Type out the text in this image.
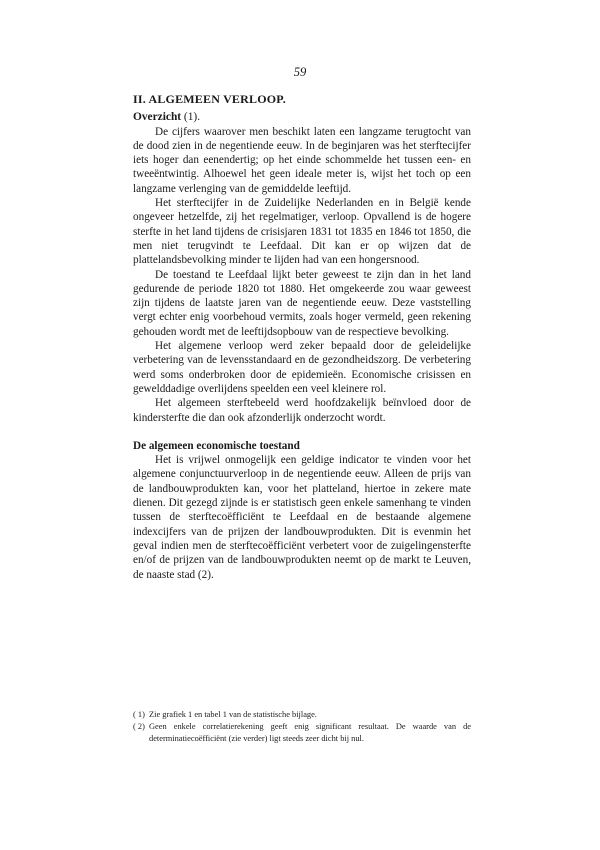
59
II. ALGEMEEN VERLOOP.
Overzicht (1).

De cijfers waarover men beschikt laten een langzame terugtocht van de dood zien in de negentiende eeuw. In de beginjaren was het sterftecijfer iets hoger dan eenendertig; op het einde schommelde het tussen een- en tweeëntwintig. Alhoewel het geen ideale meter is, wijst het toch op een langzame verlenging van de gemiddelde leeftijd.

Het sterftecijfer in de Zuidelijke Nederlanden en in België kende ongeveer hetzelfde, zij het regelmatiger, verloop. Opvallend is de hogere sterfte in het land tijdens de crisisjaren 1831 tot 1835 en 1846 tot 1850, die men niet terugvindt te Leefdaal. Dit kan er op wijzen dat de plattelandsbevolking minder te lijden had van een hongersnood.

De toestand te Leefdaal lijkt beter geweest te zijn dan in het land gedurende de periode 1820 tot 1880. Het omgekeerde zou waar geweest zijn tijdens de laatste jaren van de negentiende eeuw. Deze vaststelling vergt echter enig voorbehoud vermits, zoals hoger vermeld, geen rekening gehouden wordt met de leeftijdsopbouw van de respectieve bevolking.

Het algemene verloop werd zeker bepaald door de geleidelijke verbetering van de levensstandaard en de gezondheidszorg. De verbetering werd soms onderbroken door de epidemieën. Economische crisissen en gewelddadige overlijdens speelden een veel kleinere rol.

Het algemeen sterftebeeld werd hoofdzakelijk beïnvloed door de kindersterfte die dan ook afzonderlijk onderzocht wordt.

De algemeen economische toestand

Het is vrijwel onmogelijk een geldige indicator te vinden voor het algemene conjunctuurverloop in de negentiende eeuw. Alleen de prijs van de landbouwprodukten kan, voor het platteland, hiertoe in zekere mate dienen. Dit gezegd zijnde is er statistisch geen enkele samenhang te vinden tussen de sterftecoëfficiënt te Leefdaal en de bestaande algemene indexcijfers van de prijzen der landbouwprodukten. Dit is evenmin het geval indien men de sterftecoëfficiënt verbetert voor de zuigelingensterfte en/of de prijzen van de landbouwprodukten neemt op de markt te Leuven, de naaste stad (2).

( 1) Zie grafiek 1 en tabel 1 van de statistische bijlage.
( 2) Geen enkele correlatierekening geeft enig significant resultaat. De waarde van de determinatiecoëfficiënt (zie verder) ligt steeds zeer dicht bij nul.
